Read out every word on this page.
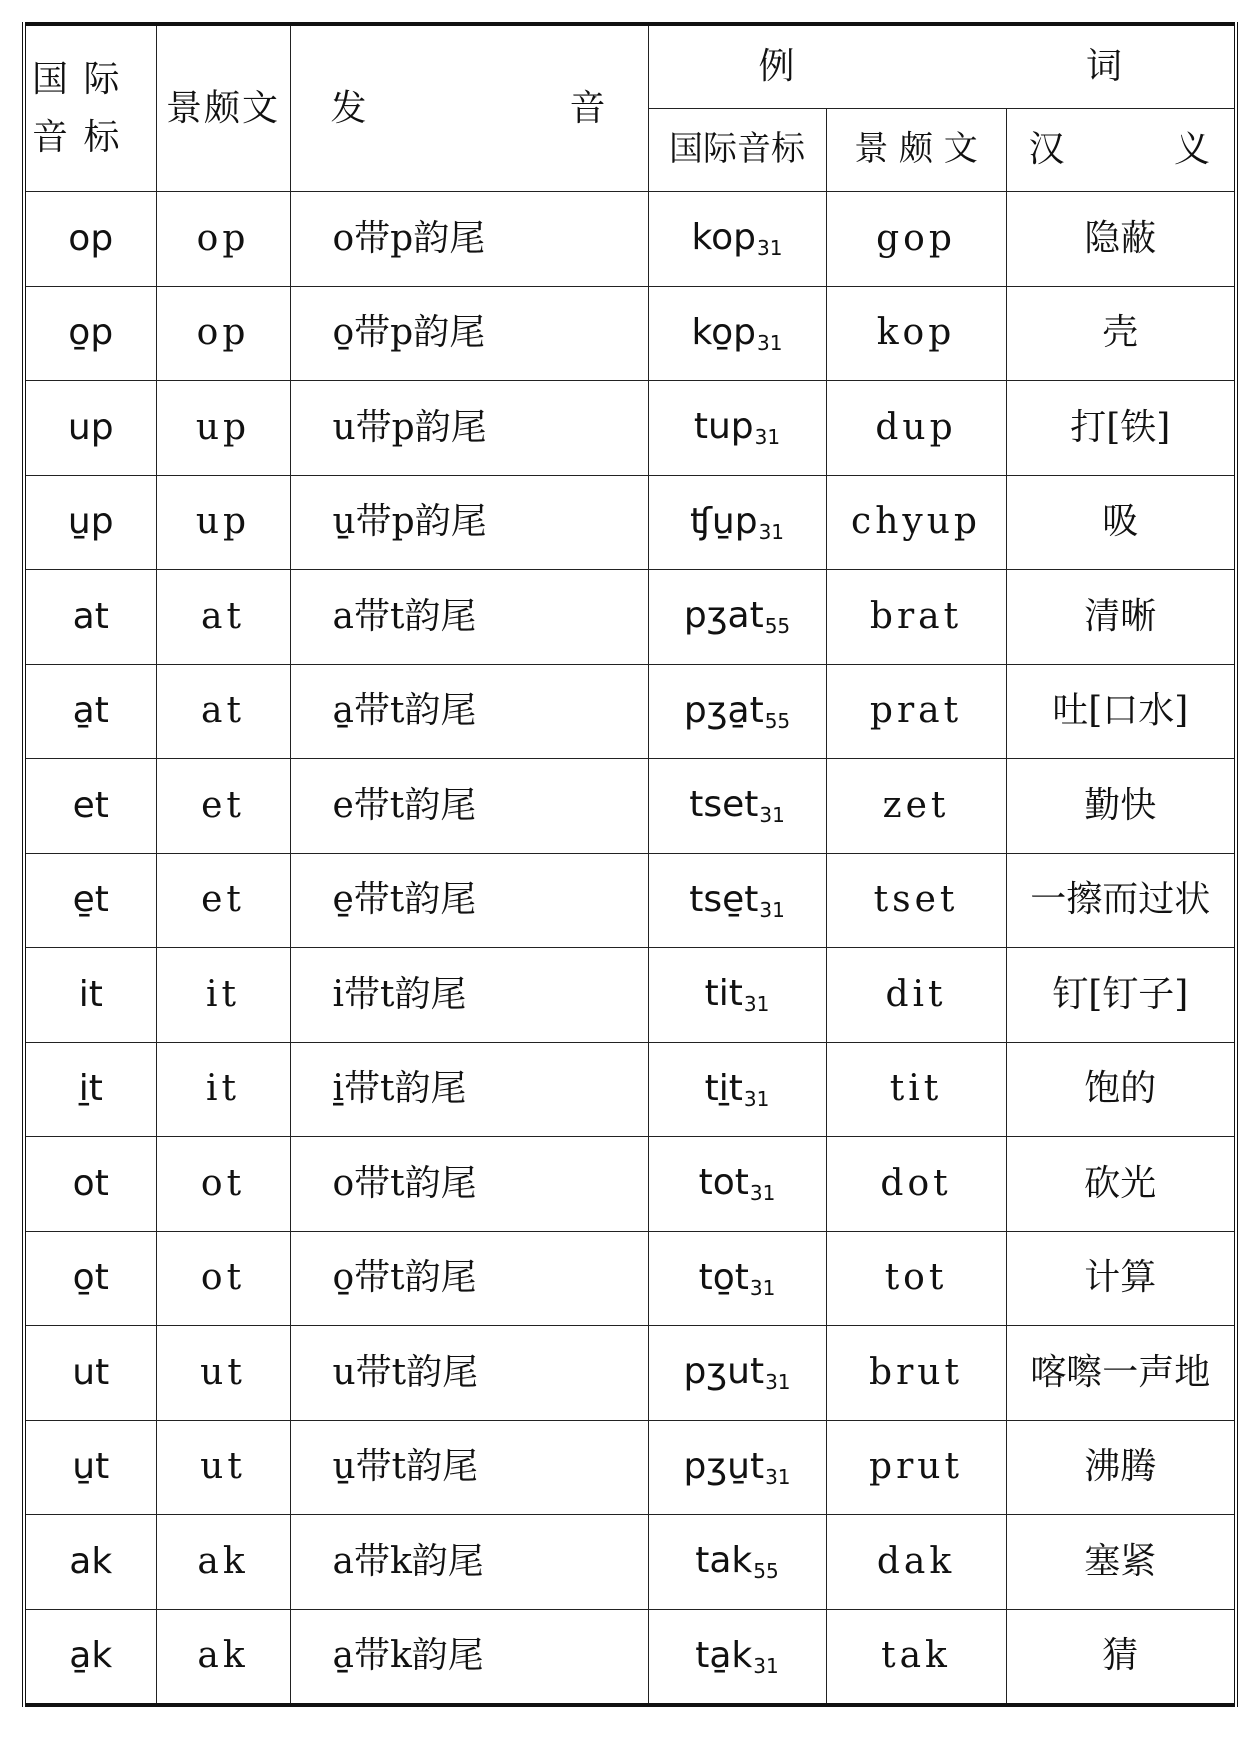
国 际
音 标	景颇文	发 音	例 词		

			国际音标	景 颇 文	汉 义

op	op	o带p韵尾	kop31	gop	隐蔽
o̱p	op	o̱带p韵尾	ko̱p31	kop	壳
up	up	u带p韵尾	tup31	dup	打[铁]
u̱p	up	u̱带p韵尾	ʧu̱p31	chyup	吸
at	at	a带t韵尾	pʒat55	brat	清晰
a̱t	at	a̱带t韵尾	pʒa̱t55	prat	吐[口水]
et	et	e带t韵尾	tset31	zet	勤快
e̱t	et	e̱带t韵尾	tse̱t31	tset	一擦而过状
it	it	i带t韵尾	tit31	dit	钉[钉子]
i̱t	it	i̱带t韵尾	ti̱t31	tit	饱的
ot	ot	o带t韵尾	tot31	dot	砍光
o̱t	ot	o̱带t韵尾	to̱t31	tot	计算
ut	ut	u带t韵尾	pʒut31	brut	喀嚓一声地
u̱t	ut	u̱带t韵尾	pʒu̱t31	prut	沸腾
ak	ak	a带k韵尾	tak55	dak	塞紧
a̱k	ak	a̱带k韵尾	ta̱k31	tak	猜
